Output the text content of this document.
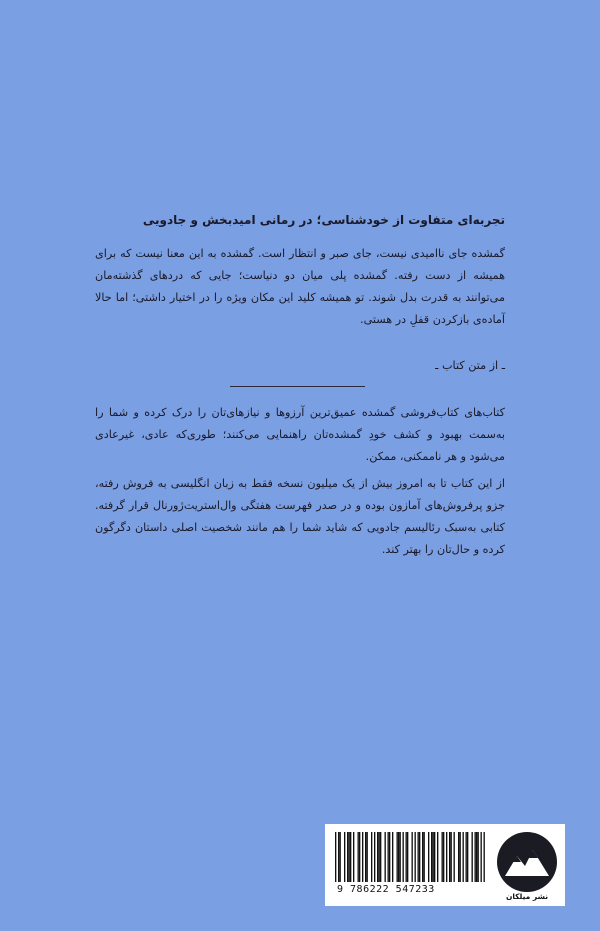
تجربه‌ای متفاوت از خودشناسی؛ در رمانی امیدبخش و جادویی

گمشده جای ناامیدی نیست، جای صبر و انتظار است. گمشده به این معنا نیست که برای همیشه از دست رفته. گمشده پلی میان دو دنیاست؛ جایی که دردهای گذشته‌مان می‌توانند به قدرت بدل شوند. تو همیشه کلید این مکان ویژه را در اختیار داشتی؛ اما حالا آماده‌ی بازکردن قفلِ در هستی.

ـ از متن کتاب ـ

کتاب‌های کتاب‌فروشی گمشده عمیق‌ترین آرزوها و نیازهای‌تان را درک کرده و شما را به‌سمت بهبود و کشف خودِ گمشده‌تان راهنمایی می‌کنند؛ طوری‌که عادی، غیرعادی می‌شود و هر ناممکنی، ممکن.

از این کتاب تا به امروز بیش از یک میلیون نسخه فقط به زبان انگلیسی به فروش رفته، جزو پرفروش‌های آمازون بوده و در صدر فهرست هفتگی وال‌استریت‌ژورنال قرار گرفته. کتابی به‌سبک رئالیسم جادویی که شاید شما را هم مانند شخصیت اصلی داستان دگرگون کرده و حال‌تان را بهتر کند.

9 786222 547233
نشر میلکان
